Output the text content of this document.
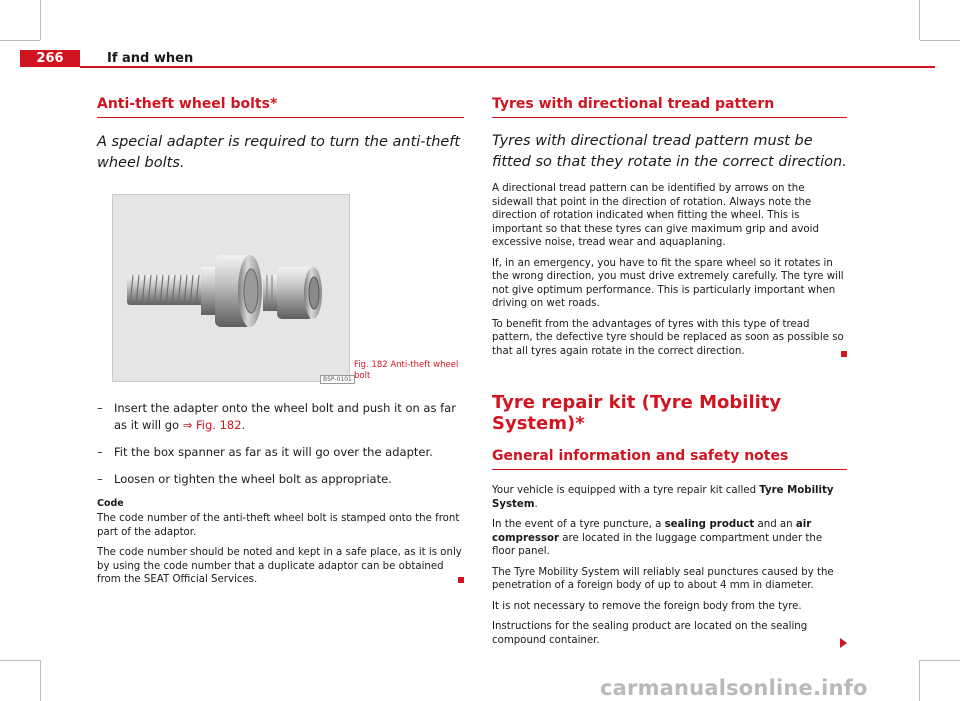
266	If and when
Anti-theft wheel bolts*
A special adapter is required to turn the anti-theft wheel bolts.
B5P-0101
Fig. 182 Anti-theft wheel bolt
– Insert the adapter onto the wheel bolt and push it on as far as it will go ⇒ Fig. 182.
– Fit the box spanner as far as it will go over the adapter.
– Loosen or tighten the wheel bolt as appropriate.
Code

The code number of the anti-theft wheel bolt is stamped onto the front part of the adaptor.

The code number should be noted and kept in a safe place, as it is only by using the code number that a duplicate adaptor can be obtained from the SEAT Official Services.

Tyres with directional tread pattern
Tyres with directional tread pattern must be fitted so that they rotate in the correct direction.

A directional tread pattern can be identified by arrows on the sidewall that point in the direction of rotation. Always note the direction of rotation indicated when fitting the wheel. This is important so that these tyres can give maximum grip and avoid excessive noise, tread wear and aquaplaning.

If, in an emergency, you have to fit the spare wheel so it rotates in the wrong direction, you must drive extremely carefully. The tyre will not give optimum performance. This is particularly important when driving on wet roads.

To benefit from the advantages of tyres with this type of tread pattern, the defective tyre should be replaced as soon as possible so that all tyres again rotate in the correct direction.

Tyre repair kit (Tyre Mobility System)*
General information and safety notes

Your vehicle is equipped with a tyre repair kit called Tyre Mobility System.

In the event of a tyre puncture, a sealing product and an air compressor are located in the luggage compartment under the floor panel.

The Tyre Mobility System will reliably seal punctures caused by the penetration of a foreign body of up to about 4 mm in diameter.

It is not necessary to remove the foreign body from the tyre.

Instructions for the sealing product are located on the sealing compound container.

carmanualsonline.info
